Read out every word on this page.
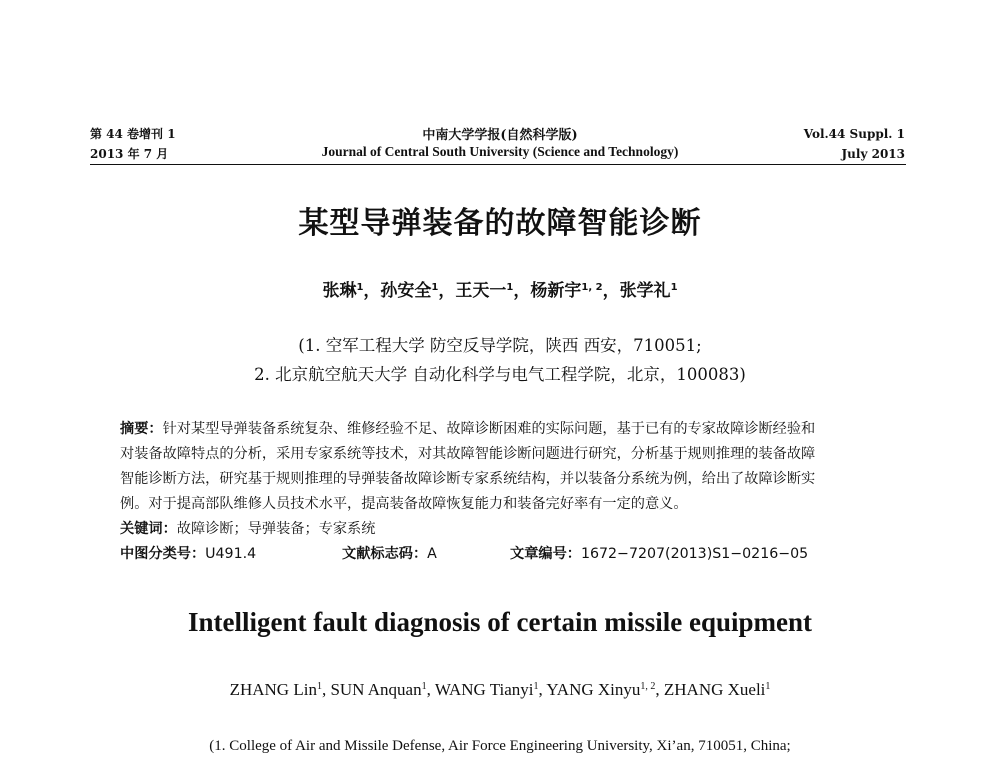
第 44 卷增刊 1
2013 年 7 月
中南大学学报(自然科学版)
Journal of Central South University (Science and Technology)
Vol.44 Suppl. 1
July 2013
某型导弹装备的故障智能诊断
张琳$^1$，孙安全$^1$，王天一$^1$，杨新宇$^{1, 2}$，张学礼$^1$
(1. 空军工程大学 防空反导学院，陕西 西安，710051;
2. 北京航空航天大学 自动化科学与电气工程学院，北京，100083)
摘要：针对某型导弹装备系统复杂、维修经验不足、故障诊断困难的实际问题，基于已有的专家故障诊断经验和
对装备故障特点的分析，采用专家系统等技术，对其故障智能诊断问题进行研究，分析基于规则推理的装备故障
智能诊断方法，研究基于规则推理的导弹装备故障诊断专家系统结构，并以装备分系统为例，给出了故障诊断实
例。对于提高部队维修人员技术水平，提高装备故障恢复能力和装备完好率有一定的意义。
关键词：故障诊断；导弹装备；专家系统
中图分类号：U491.4	文献标志码：A	文章编号：1672−7207(2013)S1−0216−05
Intelligent fault diagnosis of certain missile equipment
ZHANG Lin$^1$, SUN Anquan$^1$, WANG Tianyi$^1$, YANG Xinyu$^{1, 2}$, ZHANG Xueli$^1$
(1. College of Air and Missile Defense, Air Force Engineering University, Xi’an, 710051, China;
